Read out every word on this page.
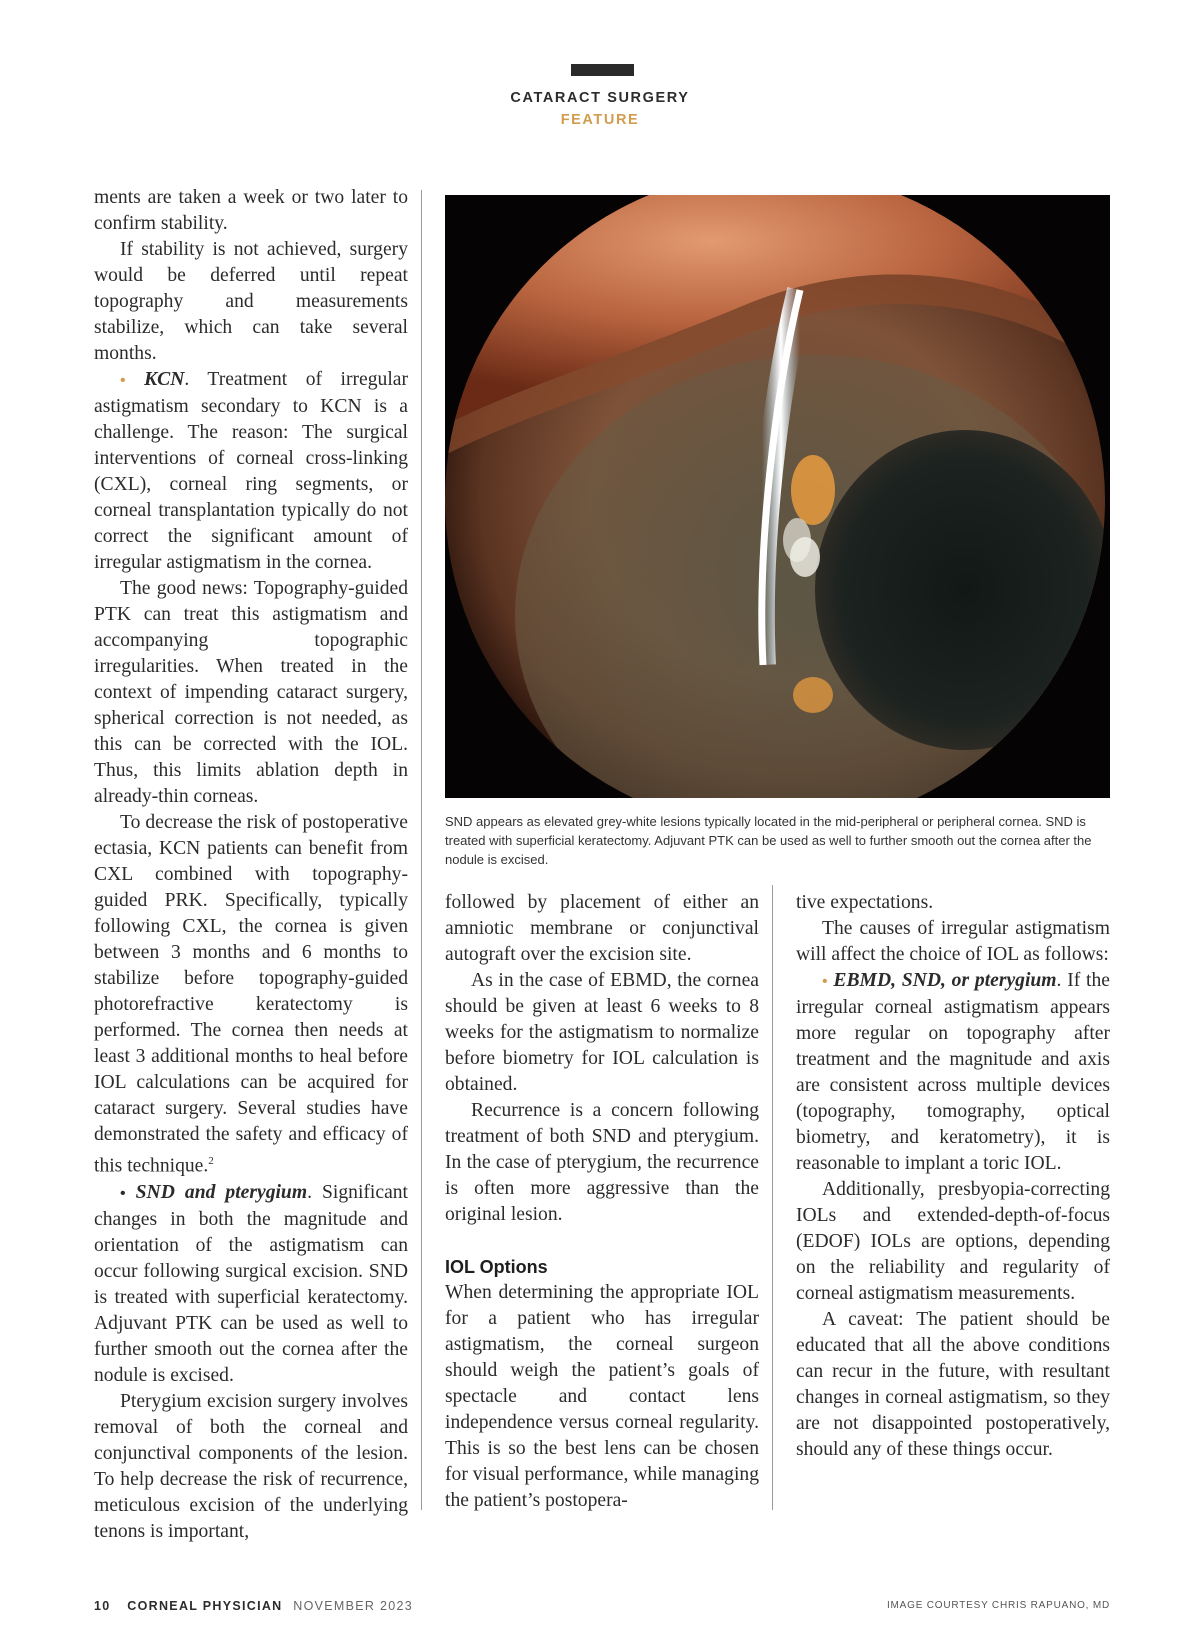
CATARACT SURGERY
FEATURE

ments are taken a week or two later to confirm stability.

If stability is not achieved, surgery would be deferred until repeat topography and measurements stabilize, which can take several months.

• KCN. Treatment of irregular astigmatism secondary to KCN is a challenge. The reason: The surgical interventions of corneal cross-linking (CXL), corneal ring segments, or corneal transplantation typically do not correct the significant amount of irregular astigmatism in the cornea.

The good news: Topography-guided PTK can treat this astigmatism and accompanying topographic irregularities. When treated in the context of impending cataract surgery, spherical correction is not needed, as this can be corrected with the IOL. Thus, this limits ablation depth in already-thin corneas.

To decrease the risk of postoperative ectasia, KCN patients can benefit from CXL combined with topography-guided PRK. Specifically, typically following CXL, the cornea is given between 3 months and 6 months to stabilize before topography-guided photorefractive keratectomy is performed. The cornea then needs at least 3 additional months to heal before IOL calculations can be acquired for cataract surgery. Several studies have demonstrated the safety and efficacy of this technique.$^2$

• SND and pterygium. Significant changes in both the magnitude and orientation of the astigmatism can occur following surgical excision. SND is treated with superficial keratectomy. Adjuvant PTK can be used as well to further smooth out the cornea after the nodule is excised.

Pterygium excision surgery involves removal of both the corneal and conjunctival components of the lesion. To help decrease the risk of recurrence, meticulous excision of the underlying tenons is important,

SND appears as elevated grey-white lesions typically located in the mid-peripheral or peripheral cornea. SND is treated with superficial keratectomy. Adjuvant PTK can be used as well to further smooth out the cornea after the nodule is excised.

followed by placement of either an amniotic membrane or conjunctival autograft over the excision site.

As in the case of EBMD, the cornea should be given at least 6 weeks to 8 weeks for the astigmatism to normalize before biometry for IOL calculation is obtained.

Recurrence is a concern following treatment of both SND and pterygium. In the case of pterygium, the recurrence is often more aggressive than the original lesion.

IOL Options

When determining the appropriate IOL for a patient who has irregular astigmatism, the corneal surgeon should weigh the patient’s goals of spectacle and contact lens independence versus corneal regularity. This is so the best lens can be chosen for visual performance, while managing the patient’s postopera-

tive expectations.

The causes of irregular astigmatism will affect the choice of IOL as follows:

• EBMD, SND, or pterygium. If the irregular corneal astigmatism appears more regular on topography after treatment and the magnitude and axis are consistent across multiple devices (topography, tomography, optical biometry, and keratometry), it is reasonable to implant a toric IOL.

Additionally, presbyopia-correcting IOLs and extended-depth-of-focus (EDOF) IOLs are options, depending on the reliability and regularity of corneal astigmatism measurements.

A caveat: The patient should be educated that all the above conditions can recur in the future, with resultant changes in corneal astigmatism, so they are not disappointed postoperatively, should any of these things occur.

10 CORNEAL PHYSICIAN NOVEMBER 2023	IMAGE COURTESY CHRIS RAPUANO, MD
